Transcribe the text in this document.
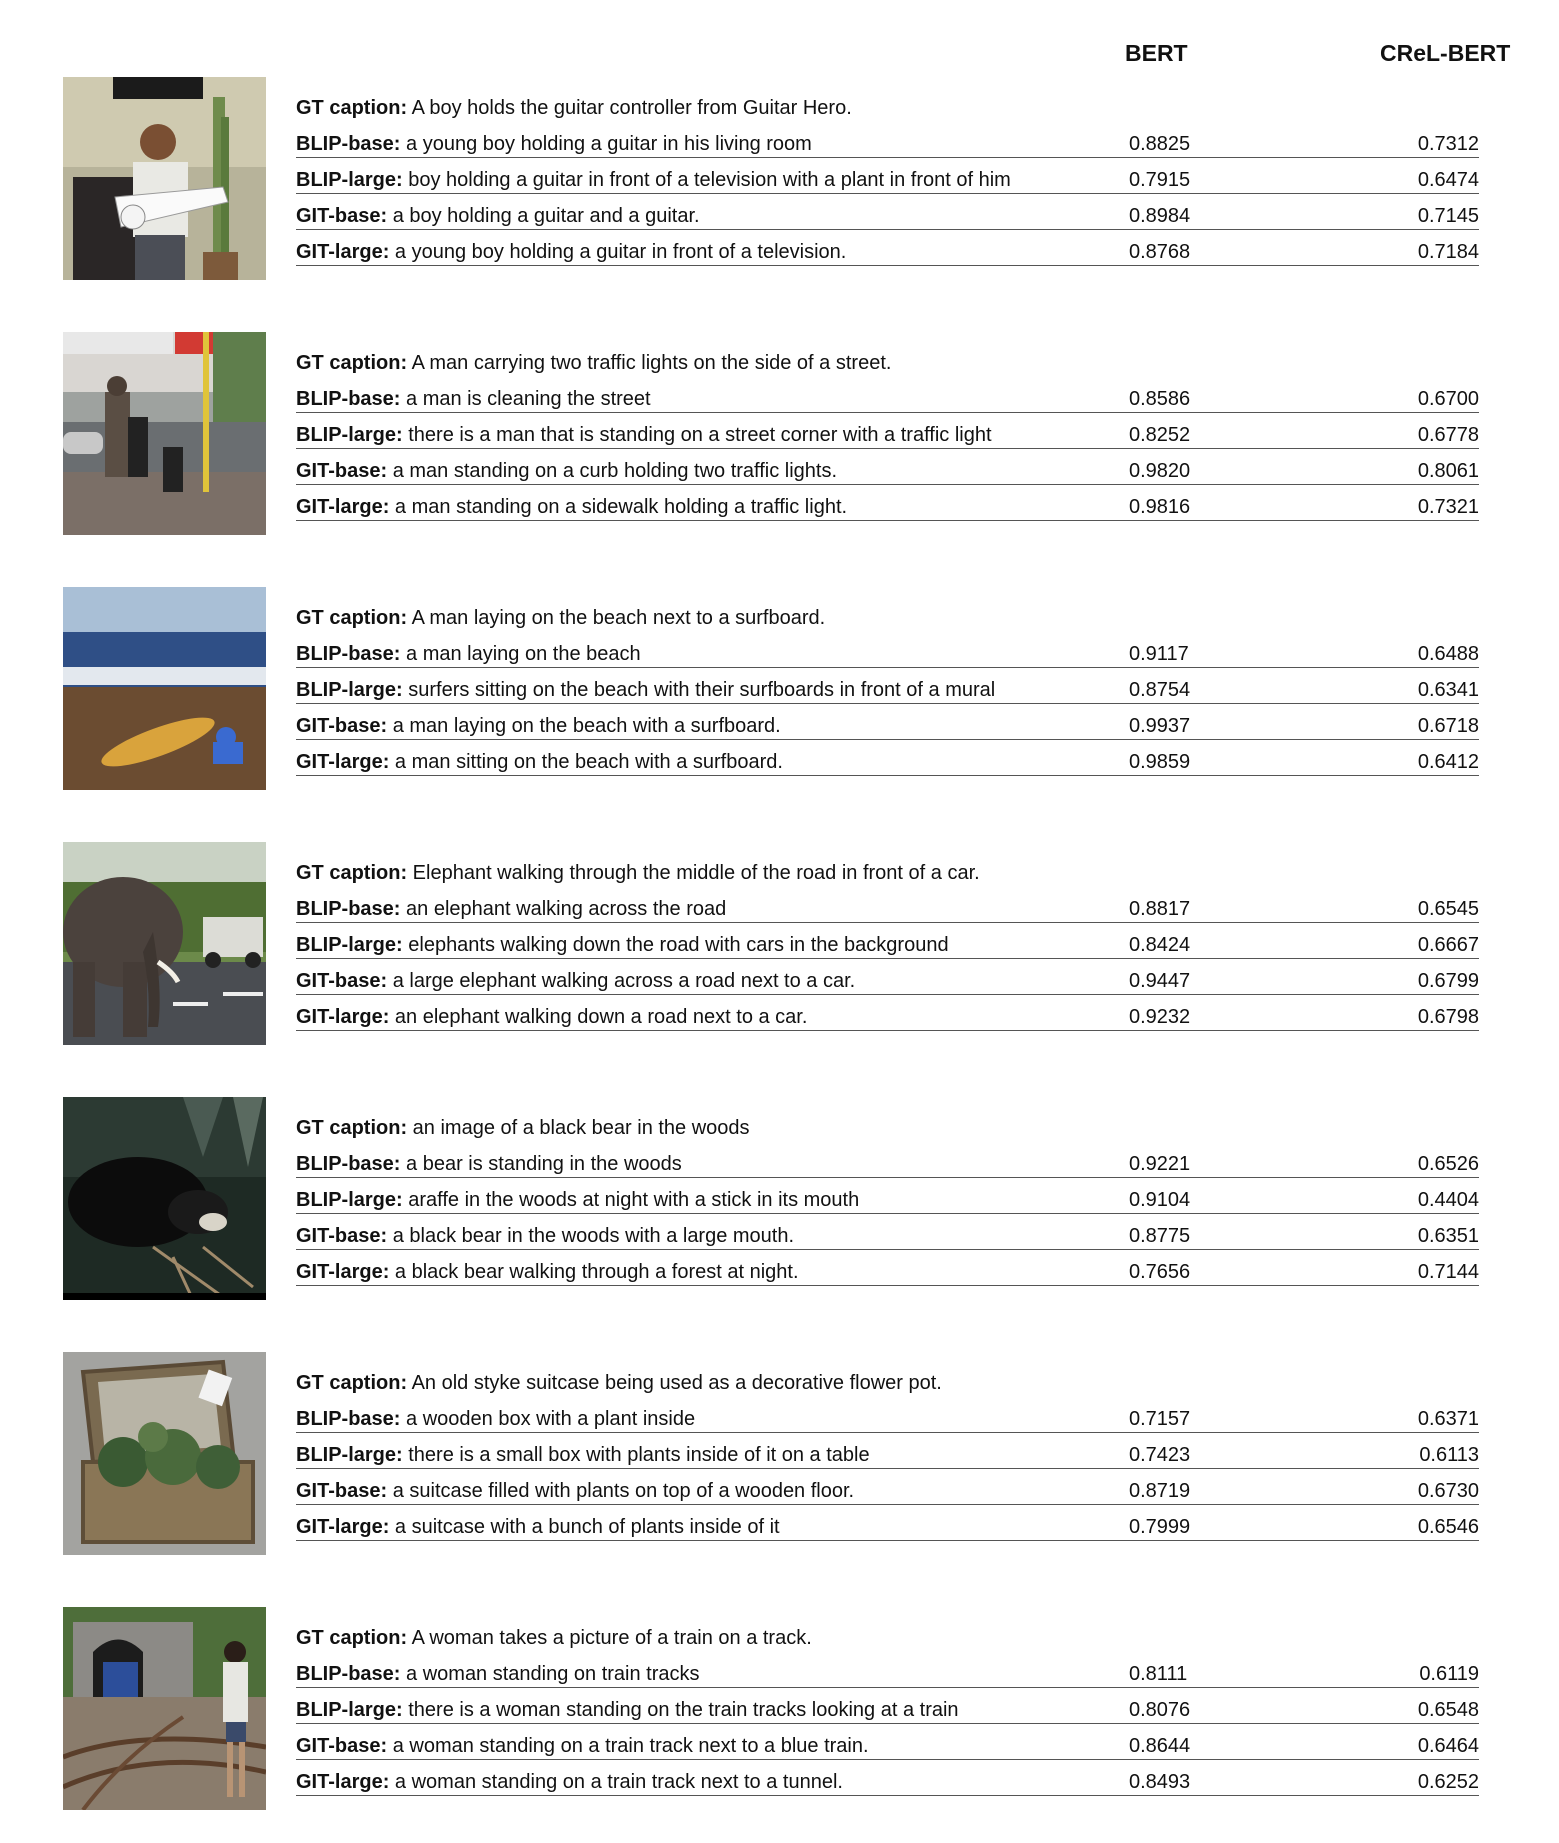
BERT	CReL-BERT
GT caption: A boy holds the guitar controller from Guitar Hero.
BLIP-base: a young boy holding a guitar in his living room	0.8825	0.7312
BLIP-large: boy holding a guitar in front of a television with a plant in front of him	0.7915	0.6474
GIT-base: a boy holding a guitar and a guitar.	0.8984	0.7145
GIT-large: a young boy holding a guitar in front of a television.	0.8768	0.7184
GT caption: A man carrying two traffic lights on the side of a street.
BLIP-base: a man is cleaning the street	0.8586	0.6700
BLIP-large: there is a man that is standing on a street corner with a traffic light	0.8252	0.6778
GIT-base: a man standing on a curb holding two traffic lights.	0.9820	0.8061
GIT-large: a man standing on a sidewalk holding a traffic light.	0.9816	0.7321
GT caption: A man laying on the beach next to a surfboard.
BLIP-base: a man laying on the beach	0.9117	0.6488
BLIP-large: surfers sitting on the beach with their surfboards in front of a mural	0.8754	0.6341
GIT-base: a man laying on the beach with a surfboard.	0.9937	0.6718
GIT-large: a man sitting on the beach with a surfboard.	0.9859	0.6412
GT caption: Elephant walking through the middle of the road in front of a car.
BLIP-base: an elephant walking across the road	0.8817	0.6545
BLIP-large: elephants walking down the road with cars in the background	0.8424	0.6667
GIT-base: a large elephant walking across a road next to a car.	0.9447	0.6799
GIT-large: an elephant walking down a road next to a car.	0.9232	0.6798
GT caption: an image of a black bear in the woods
BLIP-base: a bear is standing in the woods	0.9221	0.6526
BLIP-large: araffe in the woods at night with a stick in its mouth	0.9104	0.4404
GIT-base: a black bear in the woods with a large mouth.	0.8775	0.6351
GIT-large: a black bear walking through a forest at night.	0.7656	0.7144
GT caption: An old styke suitcase being used as a decorative flower pot.
BLIP-base: a wooden box with a plant inside	0.7157	0.6371
BLIP-large: there is a small box with plants inside of it on a table	0.7423	0.6113
GIT-base: a suitcase filled with plants on top of a wooden floor.	0.8719	0.6730
GIT-large: a suitcase with a bunch of plants inside of it	0.7999	0.6546
GT caption: A woman takes a picture of a train on a track.
BLIP-base: a woman standing on train tracks	0.8111	0.6119
BLIP-large: there is a woman standing on the train tracks looking at a train	0.8076	0.6548
GIT-base: a woman standing on a train track next to a blue train.	0.8644	0.6464
GIT-large: a woman standing on a train track next to a tunnel.	0.8493	0.6252
